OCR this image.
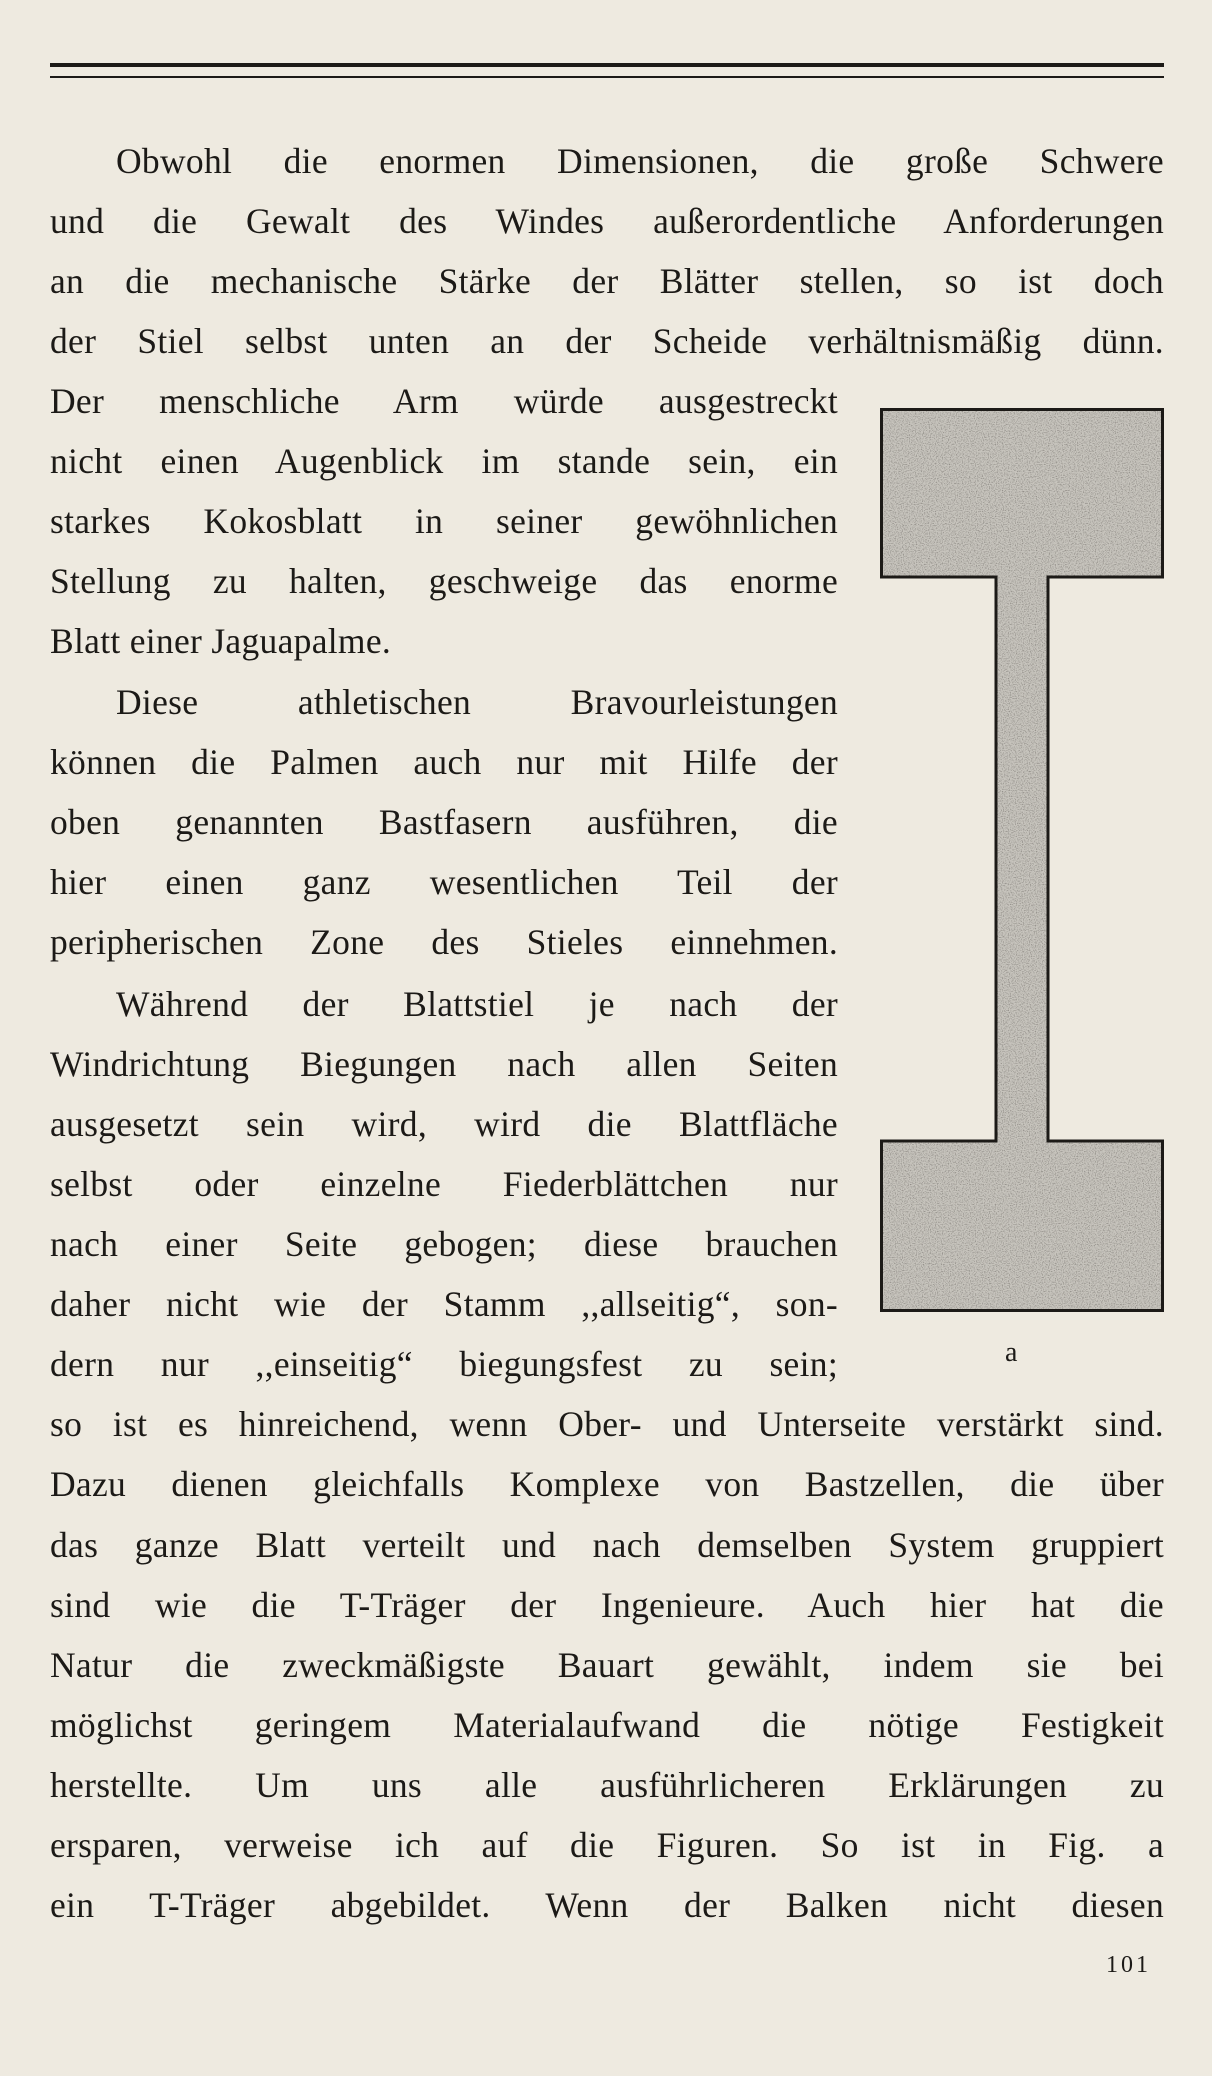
Obwohl die enormen Dimensionen, die große Schwere
und die Gewalt des Windes außerordentliche Anforderungen
an die mechanische Stärke der Blätter stellen, so ist doch
der Stiel selbst unten an der Scheide verhältnismäßig dünn.
Der menschliche Arm würde ausgestreckt
nicht einen Augenblick im stande sein, ein
starkes Kokosblatt in seiner gewöhnlichen
Stellung zu halten, geschweige das enorme
Blatt einer Jaguapalme.
Diese athletischen Bravourleistungen
können die Palmen auch nur mit Hilfe der
oben genannten Bastfasern ausführen, die
hier einen ganz wesentlichen Teil der
peripherischen Zone des Stieles einnehmen.
Während der Blattstiel je nach der
Windrichtung Biegungen nach allen Seiten
ausgesetzt sein wird, wird die Blattfläche
selbst oder einzelne Fiederblättchen nur
nach einer Seite gebogen; diese brauchen
daher nicht wie der Stamm ,,allseitig“, son-
dern nur ,,einseitig“ biegungsfest zu sein;
so ist es hinreichend, wenn Ober- und Unterseite verstärkt sind.
Dazu dienen gleichfalls Komplexe von Bastzellen, die über
das ganze Blatt verteilt und nach demselben System gruppiert
sind wie die T-Träger der Ingenieure. Auch hier hat die
Natur die zweckmäßigste Bauart gewählt, indem sie bei
möglichst geringem Materialaufwand die nötige Festigkeit
herstellte. Um uns alle ausführlicheren Erklärungen zu
ersparen, verweise ich auf die Figuren. So ist in Fig. a
ein T-Träger abgebildet. Wenn der Balken nicht diesen
a
101
